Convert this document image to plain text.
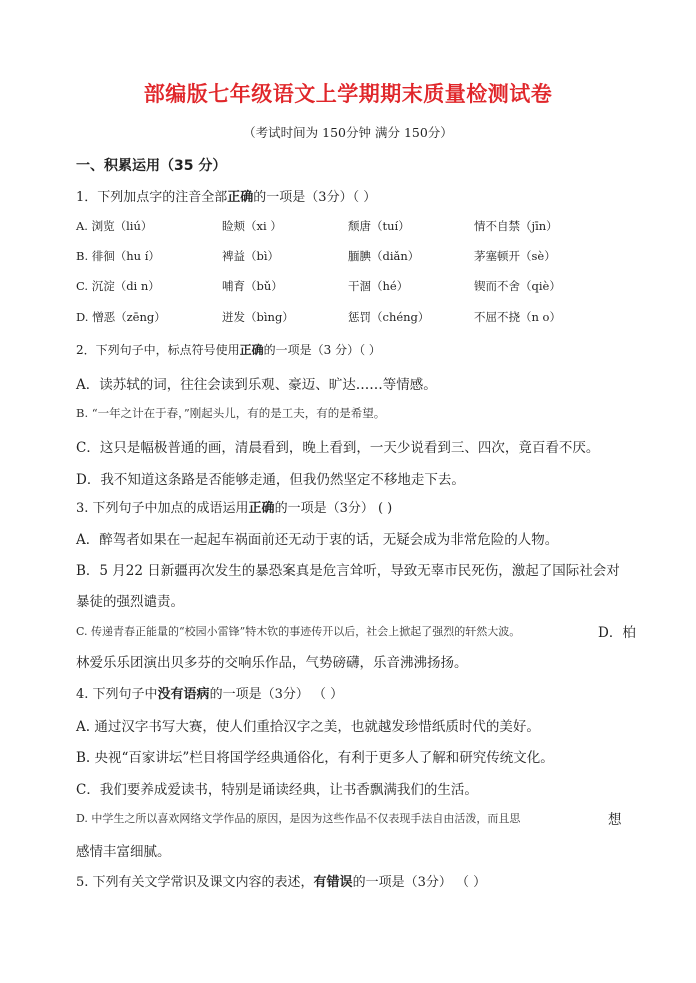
部编版七年级语文上学期期末质量检测试卷
（考试时间为 150分钟 满分 150分）
一、积累运用（35 分）
1．下列加点字的注音全部正确的一项是（3分）（ ）
A. 浏览（liú）	睑颊（xi ）	颓唐（tuí）	情不自禁（jīn）
B. 徘徊（hu í）	裨益（bì）	腼腆（diǎn）	茅塞顿开（sè）
C. 沉淀（di n）	哺育（bǔ）	干涸（hé）	锲而不舍（qiè）
D. 憎恶（zēng）	迸发（bìng）	惩罚（chéng）	不屈不挠（n o）
2．下列句子中，标点符号使用正确的一项是（3 分）（ ）
A．读苏轼的词，往往会读到乐观、豪迈、旷达……等情感。
B. “一年之计在于春，”刚起头儿，有的是工夫，有的是希望。
C．这只是幅极普通的画，清晨看到，晚上看到，一天少说看到三、四次，竟百看不厌。
D．我不知道这条路是否能够走通，但我仍然坚定不移地走下去。
3. 下列句子中加点的成语运用正确的一项是（3分） ( )
A．醉驾者如果在一起起车祸面前还无动于衷的话，无疑会成为非常危险的人物。
B．5 月22 日新疆再次发生的暴恐案真是危言耸听，导致无辜市民死伤，激起了国际社会对
暴徒的强烈谴责。
C. 传递青春正能量的“校园小雷锋”特木钦的事迹传开以后，社会上掀起了强烈的轩然大波。	D．柏
林爱乐乐团演出贝多芬的交响乐作品，气势磅礴，乐音沸沸扬扬。
4. 下列句子中没有语病的一项是（3分） （ ）
A. 通过汉字书写大赛，使人们重拾汉字之美，也就越发珍惜纸质时代的美好。
B. 央视“百家讲坛”栏目将国学经典通俗化，有利于更多人了解和研究传统文化。
C．我们要养成爱读书，特别是诵读经典，让书香飘满我们的生活。
D. 中学生之所以喜欢网络文学作品的原因，是因为这些作品不仅表现手法自由活泼，而且思	想
感情丰富细腻。
5. 下列有关文学常识及课文内容的表述，有错误的一项是（3分） （ ）
